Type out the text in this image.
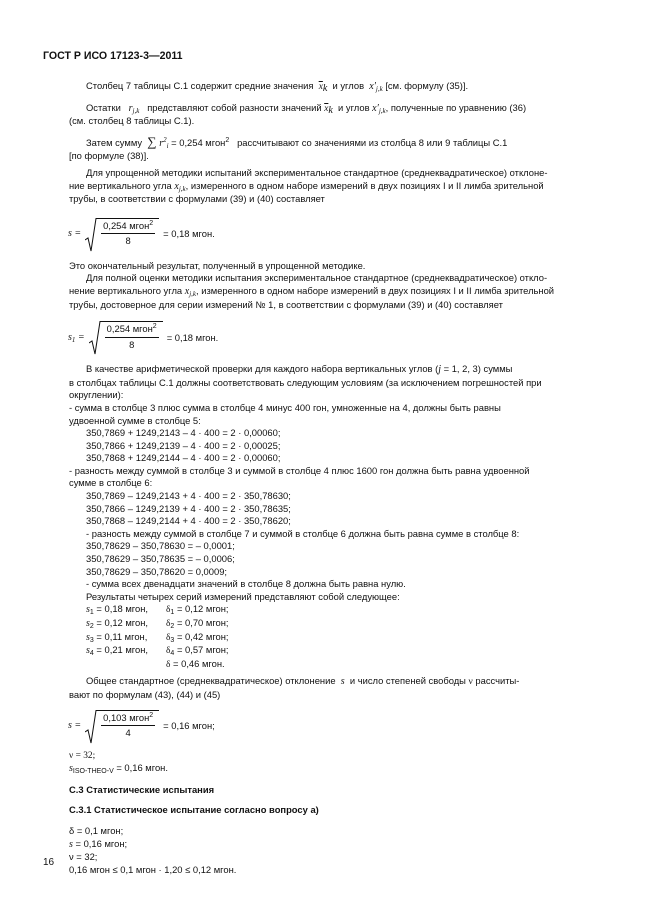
ГОСТ Р ИСО 17123-3—2011

Столбец 7 таблицы С.1 содержит средние значения $\overline{x}_k$ и углов $x'_{j,k}$ [см. формулу (35)].

Остатки $r_{j,k}$ представляют собой разности значений $\overline{x}_k$ и углов $x'_{j,k}$, полученные по уравнению (36)

(см. столбец 8 таблицы С.1).

Затем сумму ∑ $r^2_i = 0,254$ мгон$^2$ рассчитывают со значениями из столбца 8 или 9 таблицы С.1

[по формуле (38)].

Для упрощенной методики испытаний экспериментальное стандартное (среднеквадратическое) отклоне-

ние вертикального угла $x_{j,k}$, измеренного в одном наборе измерений в двух позициях I и II лимба зрительной

трубы, в соответствии с формулами (39) и (40) составляет

$s = \frac{0,254 мгон^2}{8} = 0,18$ мгон.

Это окончательный результат, полученный в упрощенной методике.

Для полной оценки методики испытания экспериментальное стандартное (среднеквадратическое) откло-

нение вертикального угла $x_{j,k}$, измеренного в одном наборе измерений в двух позициях I и II лимба зрительной

трубы, достоверное для серии измерений № 1, в соответствии с формулами (39) и (40) составляет

$s_1 = \frac{0,254 мгон^2}{8} = 0,18$ мгон.

В качестве арифметической проверки для каждого набора вертикальных углов (j = 1, 2, 3) суммы

в столбцах таблицы С.1 должны соответствовать следующим условиям (за исключением погрешностей при

округлении):

- сумма в столбце 3 плюс сумма в столбце 4 минус 400 гон, умноженные на 4, должны быть равны

удвоенной сумме в столбце 5:

350,7869 + 1249,2143 – 4 · 400 = 2 · 0,00060;

350,7866 + 1249,2139 – 4 · 400 = 2 · 0,00025;

350,7868 + 1249,2144 – 4 · 400 = 2 · 0,00060;

- разность между суммой в столбце 3 и суммой в столбце 4 плюс 1600 гон должна быть равна удвоенной

сумме в столбце 6:

350,7869 – 1249,2143 + 4 · 400 = 2 · 350,78630;

350,7866 – 1249,2139 + 4 · 400 = 2 · 350,78635;

350,7868 – 1249,2144 + 4 · 400 = 2 · 350,78620;

- разность между суммой в столбце 7 и суммой в столбце 6 должна быть равна сумме в столбце 8:

350,78629 – 350,78630 = – 0,0001;

350,78629 – 350,78635 = – 0,0006;

350,78629 – 350,78620 = 0,0009;

- сумма всех двенадцати значений в столбце 8 должна быть равна нулю.

Результаты четырех серий измерений представляют собой следующее:

$s_1 = 0,18$ мгон,	$\delta_1 = 0,12$ мгон;
$s_2 = 0,12$ мгон,	$\delta_2 = 0,70$ мгон;
$s_3 = 0,11$ мгон,	$\delta_3 = 0,42$ мгон;
$s_4 = 0,21$ мгон,	$\delta_4 = 0,57$ мгон;
δ = 0,46 мгон.

Общее стандартное (среднеквадратическое) отклонение s и число степеней свободы ν рассчиты-

вают по формулам (43), (44) и (45)

$s = \frac{0,103 мгон^2}{4} = 0,16$ мгон;

ν = 32;

$s_{ISO-THEO-V} = 0,16$ мгон.

С.3 Статистические испытания

С.3.1 Статистическое испытание согласно вопросу а)

δ = 0,1 мгон;

s = 0,16 мгон;

ν = 32;

0,16 мгон ≤ 0,1 мгон · 1,20 ≤ 0,12 мгон.

16
